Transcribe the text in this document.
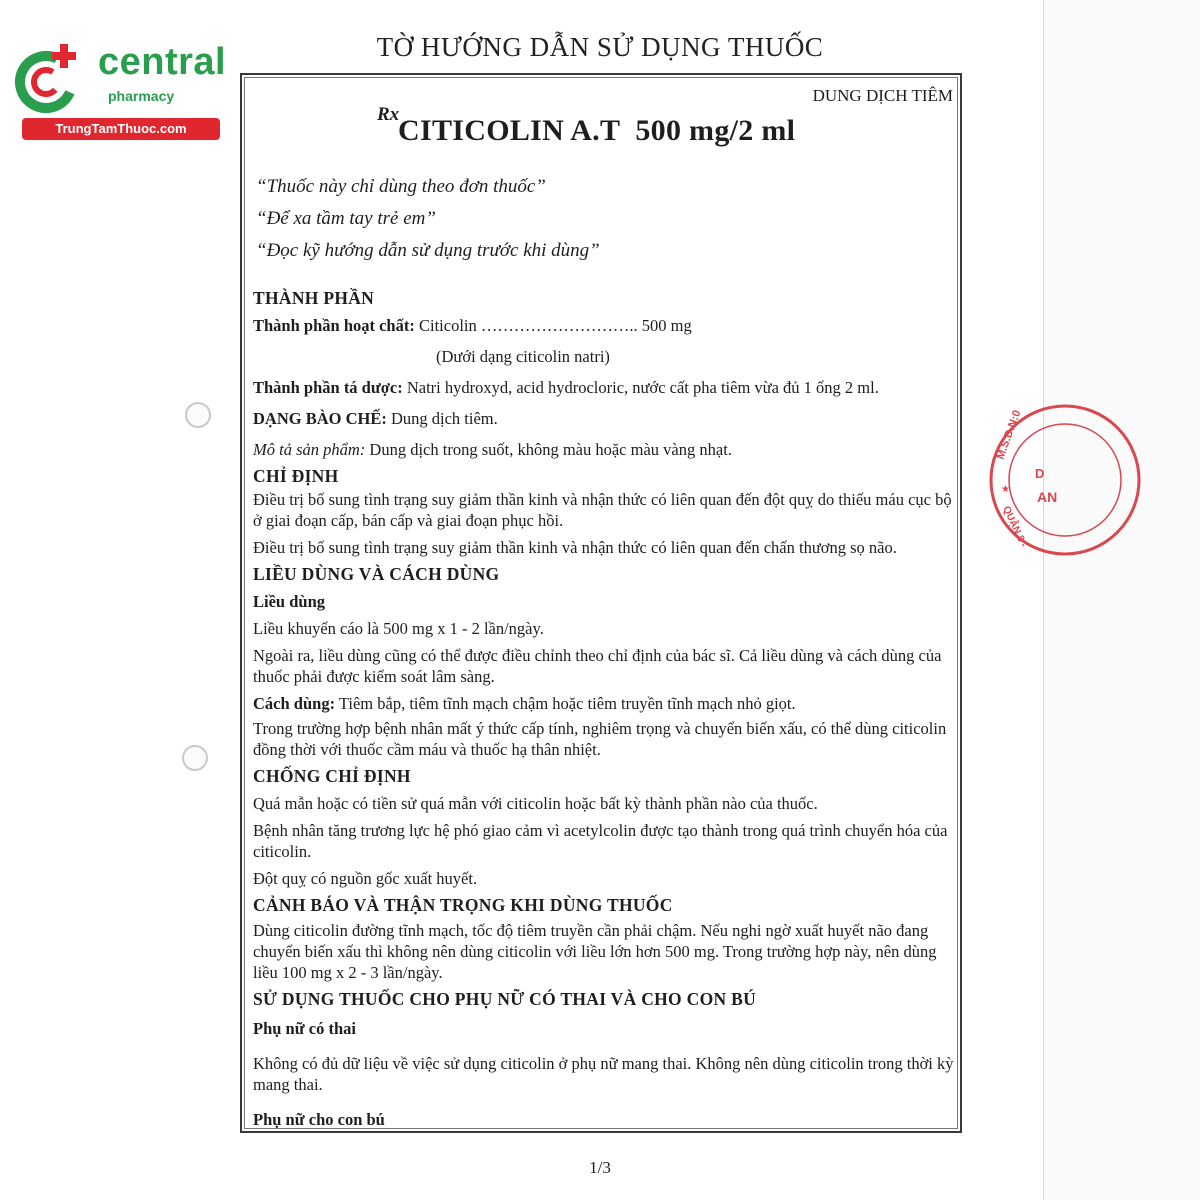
central
pharmacy
TrungTamThuoc.com
TỜ HƯỚNG DẪN SỬ DỤNG THUỐC
DUNG DỊCH TIÊM
Rx
CITICOLIN A.T  500 mg/2 ml
“Thuốc này chỉ dùng theo đơn thuốc”
“Để xa tầm tay trẻ em”
“Đọc kỹ hướng dẫn sử dụng trước khi dùng”

THÀNH PHẦN

Thành phần hoạt chất: Citicolin ……………………….. 500 mg

(Dưới dạng citicolin natri)

Thành phần tá dược: Natri hydroxyd, acid hydrocloric, nước cất pha tiêm vừa đủ 1 ống 2 ml.

DẠNG BÀO CHẾ: Dung dịch tiêm.

Mô tả sản phẩm: Dung dịch trong suốt, không màu hoặc màu vàng nhạt.

CHỈ ĐỊNH

Điều trị bổ sung tình trạng suy giảm thần kinh và nhận thức có liên quan đến đột quỵ do thiếu máu cục bộ ở giai đoạn cấp, bán cấp và giai đoạn phục hồi.

Điều trị bổ sung tình trạng suy giảm thần kinh và nhận thức có liên quan đến chấn thương sọ não.

LIỀU DÙNG VÀ CÁCH DÙNG

Liều dùng

Liều khuyến cáo là 500 mg x 1 - 2 lần/ngày.

Ngoài ra, liều dùng cũng có thể được điều chỉnh theo chỉ định của bác sĩ. Cả liều dùng và cách dùng của thuốc phải được kiểm soát lâm sàng.

Cách dùng: Tiêm bắp, tiêm tĩnh mạch chậm hoặc tiêm truyền tĩnh mạch nhỏ giọt.

Trong trường hợp bệnh nhân mất ý thức cấp tính, nghiêm trọng và chuyển biến xấu, có thể dùng citicolin đồng thời với thuốc cầm máu và thuốc hạ thân nhiệt.

CHỐNG CHỈ ĐỊNH

Quá mẫn hoặc có tiền sử quá mẫn với citicolin hoặc bất kỳ thành phần nào của thuốc.

Bệnh nhân tăng trương lực hệ phó giao cảm vì acetylcolin được tạo thành trong quá trình chuyển hóa của citicolin.

Đột quỵ có nguồn gốc xuất huyết.

CẢNH BÁO VÀ THẬN TRỌNG KHI DÙNG THUỐC

Dùng citicolin đường tĩnh mạch, tốc độ tiêm truyền cần phải chậm. Nếu nghi ngờ xuất huyết não đang chuyển biến xấu thì không nên dùng citicolin với liều lớn hơn 500 mg. Trong trường hợp này, nên dùng liều 100 mg x 2 - 3 lần/ngày.

SỬ DỤNG THUỐC CHO PHỤ NỮ CÓ THAI VÀ CHO CON BÚ

Phụ nữ có thai

Không có đủ dữ liệu về việc sử dụng citicolin ở phụ nữ mang thai. Không nên dùng citicolin trong thời kỳ mang thai.

Phụ nữ cho con bú

M.S.D.N:0
D
AN
QUẬN 8 -
★
1/3
